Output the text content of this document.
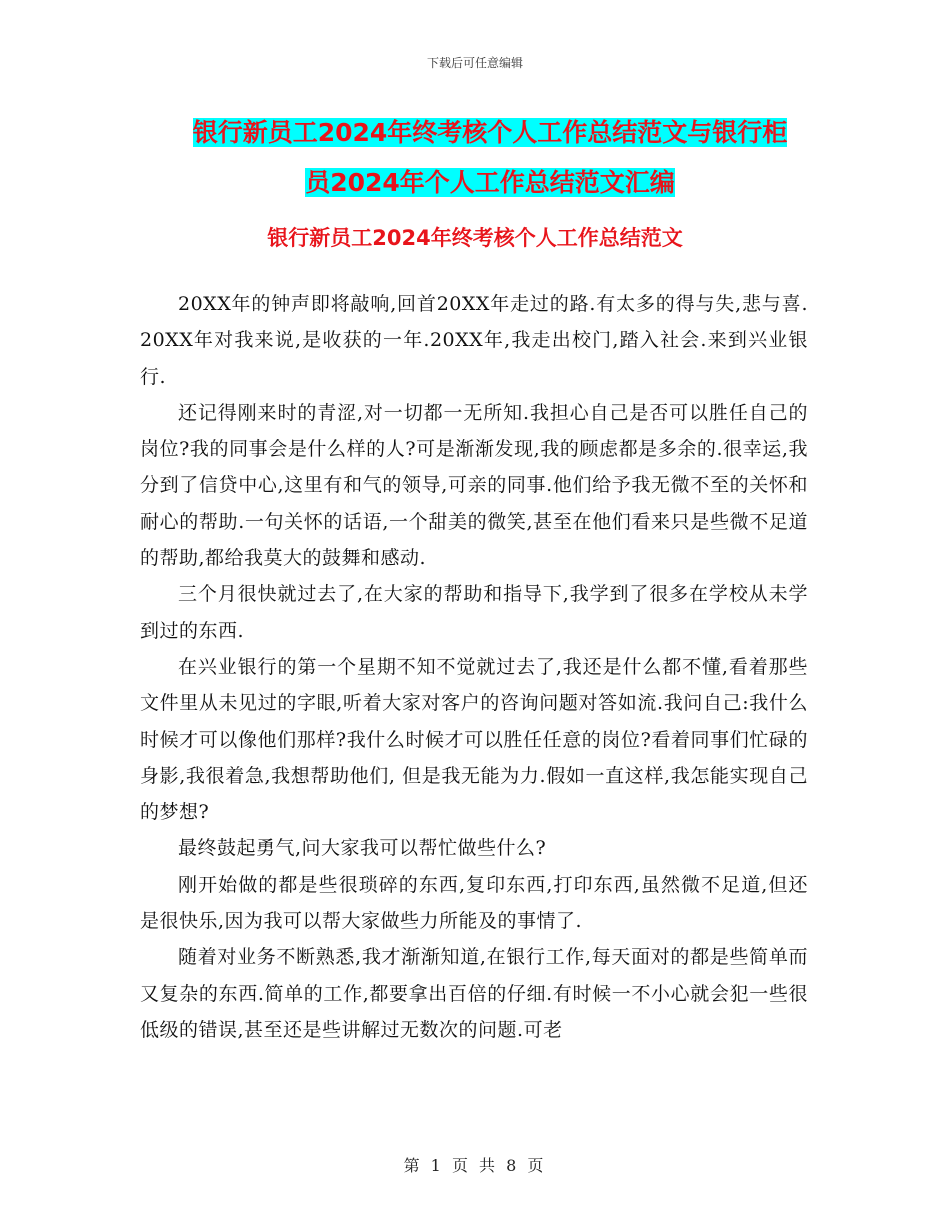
下载后可任意编辑
银行新员工2024年终考核个人工作总结范文与银行柜
员2024年个人工作总结范文汇编
银行新员工2024年终考核个人工作总结范文

20XX年的钟声即将敲响,回首20XX年走过的路.有太多的得与失,悲与喜.20XX年对我来说,是收获的一年.20XX年,我走出校门,踏入社会.来到兴业银行.

还记得刚来时的青涩,对一切都一无所知.我担心自己是否可以胜任自己的岗位?我的同事会是什么样的人?可是渐渐发现,我的顾虑都是多余的.很幸运,我分到了信贷中心,这里有和气的领导,可亲的同事.他们给予我无微不至的关怀和耐心的帮助.一句关怀的话语,一个甜美的微笑,甚至在他们看来只是些微不足道的帮助,都给我莫大的鼓舞和感动.

三个月很快就过去了,在大家的帮助和指导下,我学到了很多在学校从未学到过的东西.

在兴业银行的第一个星期不知不觉就过去了,我还是什么都不懂,看着那些文件里从未见过的字眼,听着大家对客户的咨询问题对答如流.我问自己:我什么时候才可以像他们那样?我什么时候才可以胜任任意的岗位?看着同事们忙碌的身影,我很着急,我想帮助他们, 但是我无能为力.假如一直这样,我怎能实现自己的梦想?

最终鼓起勇气,问大家我可以帮忙做些什么?

刚开始做的都是些很琐碎的东西,复印东西,打印东西,虽然微不足道,但还是很快乐,因为我可以帮大家做些力所能及的事情了.

随着对业务不断熟悉,我才渐渐知道,在银行工作,每天面对的都是些简单而又复杂的东西.简单的工作,都要拿出百倍的仔细.有时候一不小心就会犯一些很低级的错误,甚至还是些讲解过无数次的问题.可老

第 1 页 共 8 页
